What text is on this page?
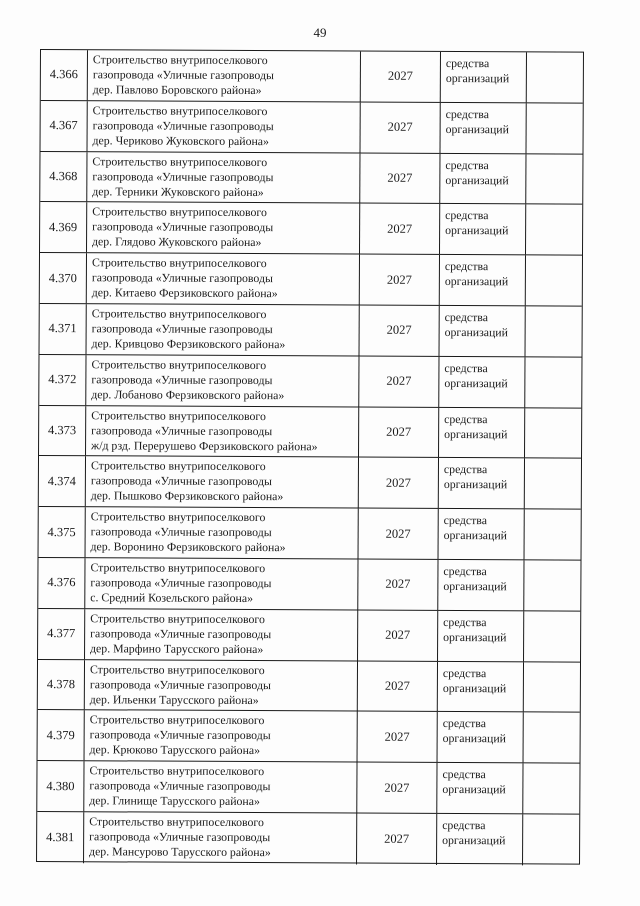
49
4.366
Строительство внутрипоселкового
газопровода «Уличные газопроводы
дер. Павлово Боровского района»
2027
средства
организаций
4.367
Строительство внутрипоселкового
газопровода «Уличные газопроводы
дер. Чериково Жуковского района»
2027
средства
организаций
4.368
Строительство внутрипоселкового
газопровода «Уличные газопроводы
дер. Терники Жуковского района»
2027
средства
организаций
4.369
Строительство внутрипоселкового
газопровода «Уличные газопроводы
дер. Глядово Жуковского района»
2027
средства
организаций
4.370
Строительство внутрипоселкового
газопровода «Уличные газопроводы
дер. Китаево Ферзиковского района»
2027
средства
организаций
4.371
Строительство внутрипоселкового
газопровода «Уличные газопроводы
дер. Кривцово Ферзиковского района»
2027
средства
организаций
4.372
Строительство внутрипоселкового
газопровода «Уличные газопроводы
дер. Лобаново Ферзиковского района»
2027
средства
организаций
4.373
Строительство внутрипоселкового
газопровода «Уличные газопроводы
ж/д рзд. Перерушево Ферзиковского района»
2027
средства
организаций
4.374
Строительство внутрипоселкового
газопровода «Уличные газопроводы
дер. Пышково Ферзиковского района»
2027
средства
организаций
4.375
Строительство внутрипоселкового
газопровода «Уличные газопроводы
дер. Воронино Ферзиковского района»
2027
средства
организаций
4.376
Строительство внутрипоселкового
газопровода «Уличные газопроводы
с. Средний Козельского района»
2027
средства
организаций
4.377
Строительство внутрипоселкового
газопровода «Уличные газопроводы
дер. Марфино Тарусского района»
2027
средства
организаций
4.378
Строительство внутрипоселкового
газопровода «Уличные газопроводы
дер. Ильенки Тарусского района»
2027
средства
организаций
4.379
Строительство внутрипоселкового
газопровода «Уличные газопроводы
дер. Крюково Тарусского района»
2027
средства
организаций
4.380
Строительство внутрипоселкового
газопровода «Уличные газопроводы
дер. Глинище Тарусского района»
2027
средства
организаций
4.381
Строительство внутрипоселкового
газопровода «Уличные газопроводы
дер. Мансурово Тарусского района»
2027
средства
организаций
